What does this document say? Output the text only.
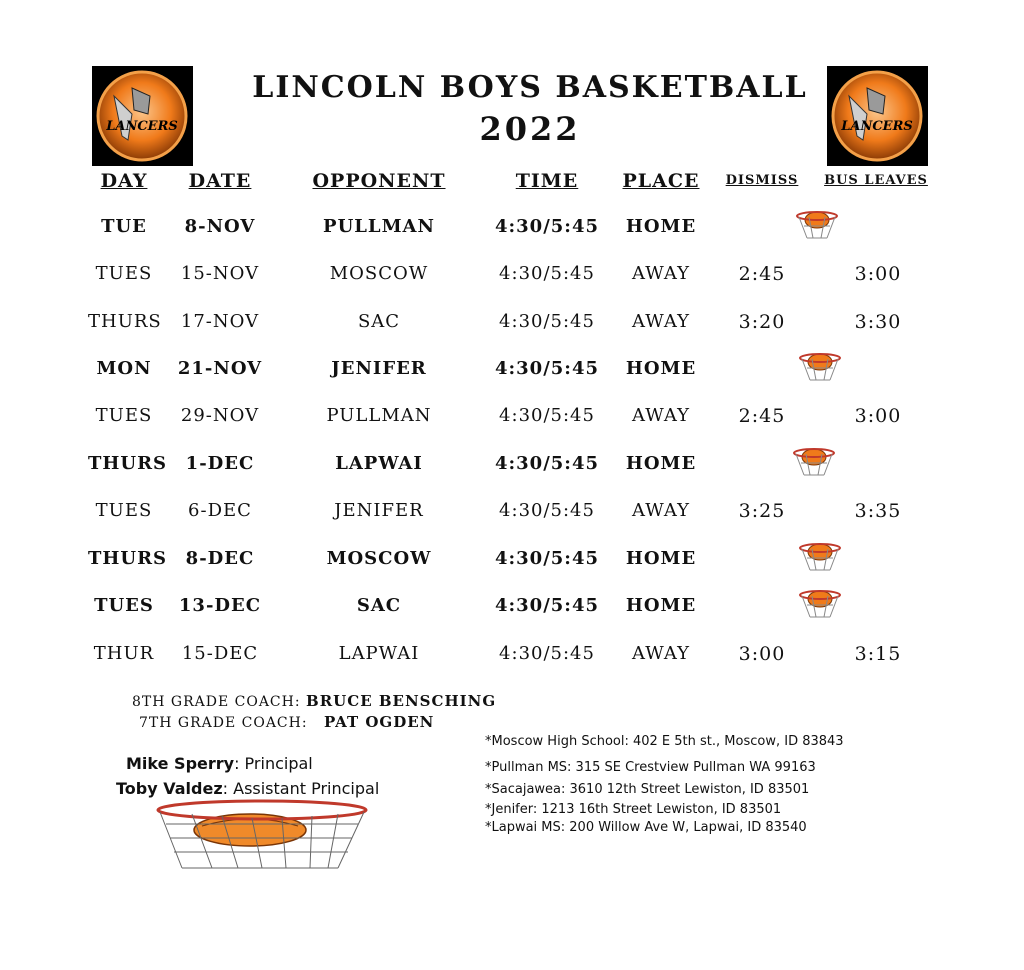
LANCERS	LANCERS
LINCOLN BOYS BASKETBALL
2022
DAY	DATE	OPPONENT	TIME	PLACE	DISMISS	BUS LEAVES
TUE	8-NOV	PULLMAN	4:30/5:45	HOME
TUES	15-NOV	MOSCOW	4:30/5:45	AWAY	2:45	3:00
THURS	17-NOV	SAC	4:30/5:45	AWAY	3:20	3:30
MON	21-NOV	JENIFER	4:30/5:45	HOME
TUES	29-NOV	PULLMAN	4:30/5:45	AWAY	2:45	3:00
THURS	1-DEC	LAPWAI	4:30/5:45	HOME
TUES	6-DEC	JENIFER	4:30/5:45	AWAY	3:25	3:35
THURS	8-DEC	MOSCOW	4:30/5:45	HOME
TUES	13-DEC	SAC	4:30/5:45	HOME
THUR	15-DEC	LAPWAI	4:30/5:45	AWAY	3:00	3:15
8TH GRADE COACH: BRUCE BENSCHING
7TH GRADE COACH: PAT OGDEN
Mike Sperry: Principal
Toby Valdez: Assistant Principal
*Moscow High School: 402 E 5th st., Moscow, ID 83843
*Pullman MS: 315 SE Crestview Pullman WA 99163
*Sacajawea: 3610 12th Street Lewiston, ID 83501
*Jenifer: 1213 16th Street Lewiston, ID 83501
*Lapwai MS: 200 Willow Ave W, Lapwai, ID 83540
